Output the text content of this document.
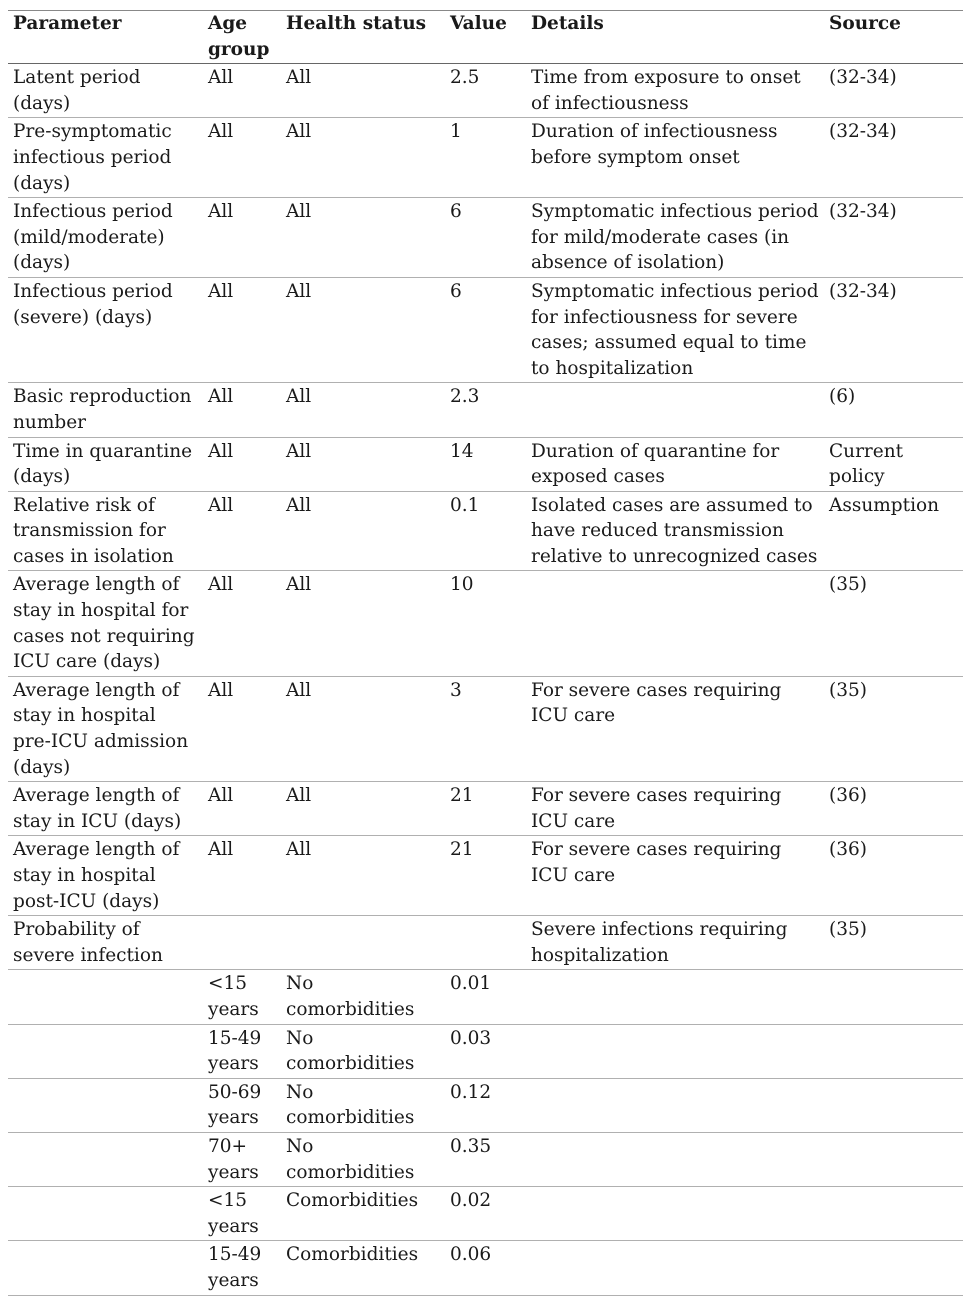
Parameter	Age group	Health status	Value	Details	Source
Latent period (days)	All	All	2.5	Time from exposure to onset of infectiousness	(32-34)
Pre-symptomatic infectious period (days)	All	All	1	Duration of infectiousness before symptom onset	(32-34)
Infectious period (mild/moderate) (days)	All	All	6	Symptomatic infectious period for mild/moderate cases (in absence of isolation)	(32-34)
Infectious period (severe) (days)	All	All	6	Symptomatic infectious period for infectiousness for severe cases; assumed equal to time to hospitalization	(32-34)
Basic reproduction number	All	All	2.3		(6)
Time in quarantine (days)	All	All	14	Duration of quarantine for exposed cases	Current policy
Relative risk of transmission for cases in isolation	All	All	0.1	Isolated cases are assumed to have reduced transmission relative to unrecognized cases	Assumption
Average length of stay in hospital for cases not requiring ICU care (days)	All	All	10		(35)
Average length of stay in hospital pre-ICU admission (days)	All	All	3	For severe cases requiring ICU care	(35)
Average length of stay in ICU (days)	All	All	21	For severe cases requiring ICU care	(36)
Average length of stay in hospital post-ICU (days)	All	All	21	For severe cases requiring ICU care	(36)
Probability of severe infection				Severe infections requiring hospitalization	(35)
	<15 years	No comorbidities	0.01		
	15-49 years	No comorbidities	0.03		
	50-69 years	No comorbidities	0.12		
	70+ years	No comorbidities	0.35		
	<15 years	Comorbidities	0.02		
	15-49 years	Comorbidities	0.06		
